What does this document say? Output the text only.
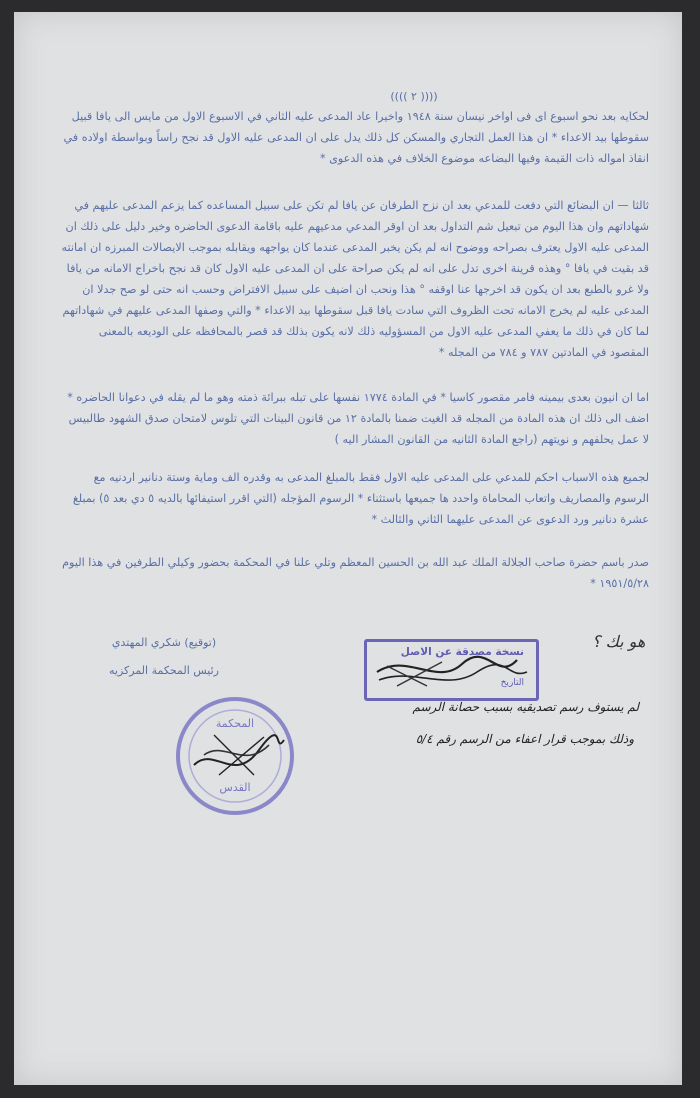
(((( ٢ ))))
لحكايه بعد نحو اسبوع اى فى اواخر نيسان سنة ١٩٤٨ واخيرا عاد المدعى عليه الثاني في الاسبوع الاول من مايس الى يافا قبيل سقوطها بيد الاعداء * ان هذا العمل التجاري والمسكن كل ذلك يدل على ان المدعى عليه الاول قد نجح راساً وبواسطة اولاده في انقاذ امواله ذات القيمة وفيها البضاعه موضوع الخلاف في هذه الدعوى *
ثالثا — ان البضائع التي دفعت للمدعي بعد ان نزح الطرفان عن يافا لم تكن على سبيل المساعده كما يزعم المدعى عليهم في شهاداتهم وان هذا اليوم من تبعيل شم التداول بعد ان اوقر المدعي مدعيهم عليه باقامة الدعوى الحاضره وخير دليل على ذلك ان المدعى عليه الاول يعترف بصراحه ووضوح انه لم يكن يخبر المدعى عندما كان يواجهه ويقابله بموجب الايصالات المبرزه ان امانته قد بقيت في يافا ° وهذه قرينة اخرى تدل على انه لم يكن صراحة على ان المدعى عليه الاول كان قد نجح باخراج الامانه من يافا ولا غرو بالطبع بعد ان يكون قد اخرجها عنا اوقفه ° هذا ونحب ان اضيف على سبيل الافتراض وحسب انه حتى لو صح جدلا ان المدعى عليه لم يخرج الامانه تحت الظروف التي سادت يافا قبل سقوطها بيد الاعداء * والتي وصفها المدعى عليهم في شهاداتهم لما كان في ذلك ما يعفي المدعى عليه الاول من المسؤوليه ذلك لانه يكون بذلك قد قصر بالمحافظه على الوديعه بالمعنى المقصود في المادتين ٧٨٧ و ٧٨٤ من المجله *
اما ان انيون بعدى بيمينه فامر مقصور كاسيا * في المادة ١٧٧٤ نفسها على تبله ببرائة ذمته وهو ما لم يقله في دعوانا الحاضره * اضف الى ذلك ان هذه المادة من المجله قد الغيت ضمنا بالمادة ١٢ من قانون البينات التي تلوس لامتحان صدق الشهود طالبيس لا عمل يحلفهم و نويتهم (راجع المادة الثانيه من القانون المشار اليه )
لجميع هذه الاسباب احكم للمدعي على المدعى عليه الاول فقط بالمبلغ المدعى به وقدره الف وماية وستة دنانير اردنيه مع الرسوم والمصاريف واتعاب المحاماة واحدد ها جميعها باستثناء * الرسوم المؤجله (التي اقرر استيفائها بالديه ٥ دي بعد ٥) بمبلغ عشرة دنانير ورد الدعوى عن المدعى عليهما الثاني والثالث *
صدر باسم حضرة صاحب الجلالة الملك عبد الله بن الحسين المعظم وتلي علنا في المحكمة بحضور وكيلي الطرفين في هذا اليوم ١٩٥١/٥/٢٨ *
(توقيع) شكري المهتدي
رئيس المحكمة المركزيه
هو بك ؟
نسخة مصدقة عن الاصل
التاريخ
المحكمة
القدس
لم يستوف رسم تصديقيه بسبب حصانة الرسم
وذلك بموجب قرار اعفاء من الرسم رقم ٥/٤
